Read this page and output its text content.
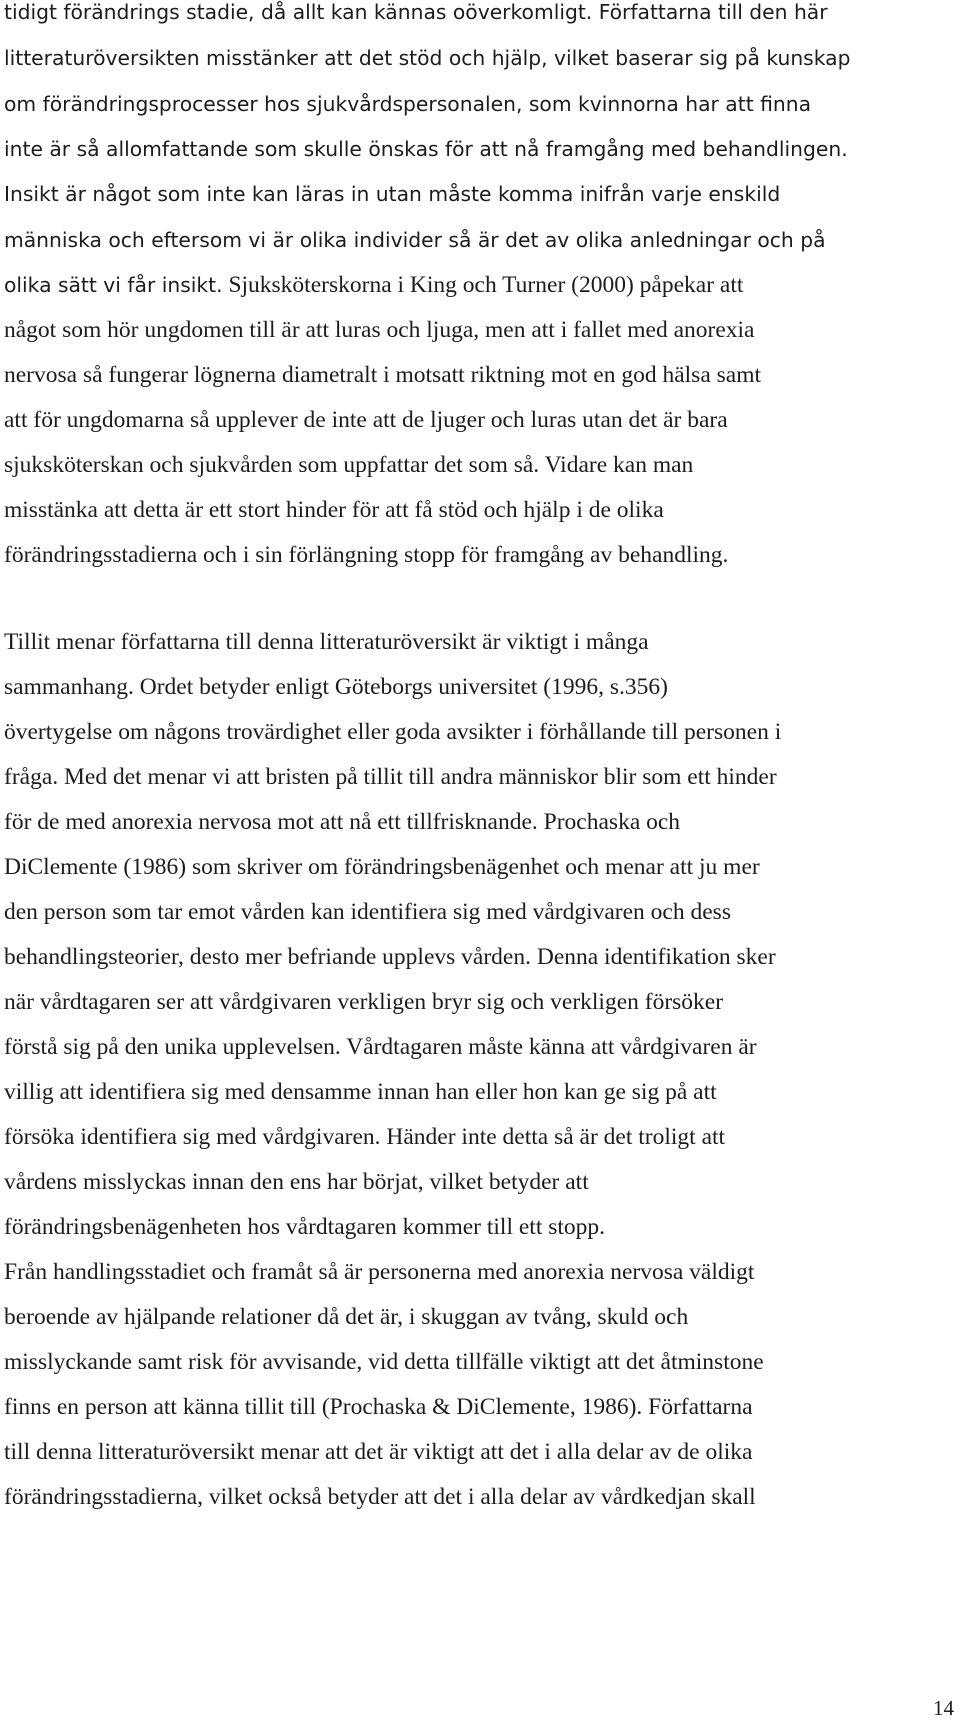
tidigt förändrings stadie, då allt kan kännas oöverkomligt. Författarna till den här
litteraturöversikten misstänker att det stöd och hjälp, vilket baserar sig på kunskap
om förändringsprocesser hos sjukvårdspersonalen, som kvinnorna har att finna
inte är så allomfattande som skulle önskas för att nå framgång med behandlingen.
Insikt är något som inte kan läras in utan måste komma inifrån varje enskild
människa och eftersom vi är olika individer så är det av olika anledningar och på
olika sätt vi får insikt. Sjuksköterskorna i King och Turner (2000) påpekar att
något som hör ungdomen till är att luras och ljuga, men att i fallet med anorexia
nervosa så fungerar lögnerna diametralt i motsatt riktning mot en god hälsa samt
att för ungdomarna så upplever de inte att de ljuger och luras utan det är bara
sjuksköterskan och sjukvården som uppfattar det som så. Vidare kan man
misstänka att detta är ett stort hinder för att få stöd och hjälp i de olika
förändringsstadierna och i sin förlängning stopp för framgång av behandling.
Tillit menar författarna till denna litteraturöversikt är viktigt i många
sammanhang. Ordet betyder enligt Göteborgs universitet (1996, s.356)
övertygelse om någons trovärdighet eller goda avsikter i förhållande till personen i
fråga. Med det menar vi att bristen på tillit till andra människor blir som ett hinder
för de med anorexia nervosa mot att nå ett tillfrisknande. Prochaska och
DiClemente (1986) som skriver om förändringsbenägenhet och menar att ju mer
den person som tar emot vården kan identifiera sig med vårdgivaren och dess
behandlingsteorier, desto mer befriande upplevs vården. Denna identifikation sker
när vårdtagaren ser att vårdgivaren verkligen bryr sig och verkligen försöker
förstå sig på den unika upplevelsen. Vårdtagaren måste känna att vårdgivaren är
villig att identifiera sig med densamme innan han eller hon kan ge sig på att
försöka identifiera sig med vårdgivaren. Händer inte detta så är det troligt att
vårdens misslyckas innan den ens har börjat, vilket betyder att
förändringsbenägenheten hos vårdtagaren kommer till ett stopp.
Från handlingsstadiet och framåt så är personerna med anorexia nervosa väldigt
beroende av hjälpande relationer då det är, i skuggan av tvång, skuld och
misslyckande samt risk för avvisande, vid detta tillfälle viktigt att det åtminstone
finns en person att känna tillit till (Prochaska & DiClemente, 1986). Författarna
till denna litteraturöversikt menar att det är viktigt att det i alla delar av de olika
förändringsstadierna, vilket också betyder att det i alla delar av vårdkedjan skall
14
